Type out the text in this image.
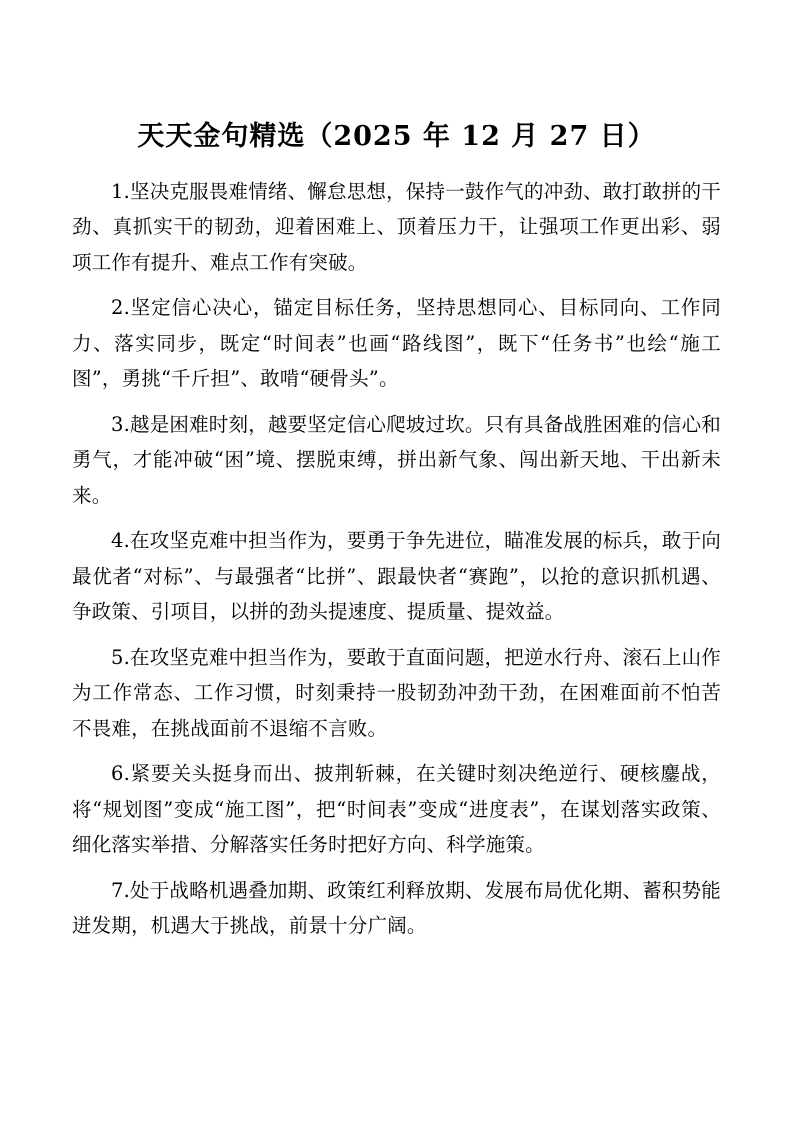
天天金句精选（2025 年 12 月 27 日）

1.坚决克服畏难情绪、懈怠思想，保持一鼓作气的冲劲、敢打敢拼的干劲、真抓实干的韧劲，迎着困难上、顶着压力干，让强项工作更出彩、弱项工作有提升、难点工作有突破。

2.坚定信心决心，锚定目标任务，坚持思想同心、目标同向、工作同力、落实同步，既定“时间表”也画“路线图”，既下“任务书”也绘“施工图”，勇挑“千斤担”、敢啃“硬骨头”。

3.越是困难时刻，越要坚定信心爬坡过坎。只有具备战胜困难的信心和勇气，才能冲破“困”境、摆脱束缚，拼出新气象、闯出新天地、干出新未来。

4.在攻坚克难中担当作为，要勇于争先进位，瞄准发展的标兵，敢于向最优者“对标”、与最强者“比拼”、跟最快者“赛跑”，以抢的意识抓机遇、争政策、引项目，以拼的劲头提速度、提质量、提效益。

5.在攻坚克难中担当作为，要敢于直面问题，把逆水行舟、滚石上山作为工作常态、工作习惯，时刻秉持一股韧劲冲劲干劲，在困难面前不怕苦不畏难，在挑战面前不退缩不言败。

6.紧要关头挺身而出、披荆斩棘，在关键时刻决绝逆行、硬核鏖战，将“规划图”变成“施工图”，把“时间表”变成“进度表”，在谋划落实政策、细化落实举措、分解落实任务时把好方向、科学施策。

7.处于战略机遇叠加期、政策红利释放期、发展布局优化期、蓄积势能迸发期，机遇大于挑战，前景十分广阔。
